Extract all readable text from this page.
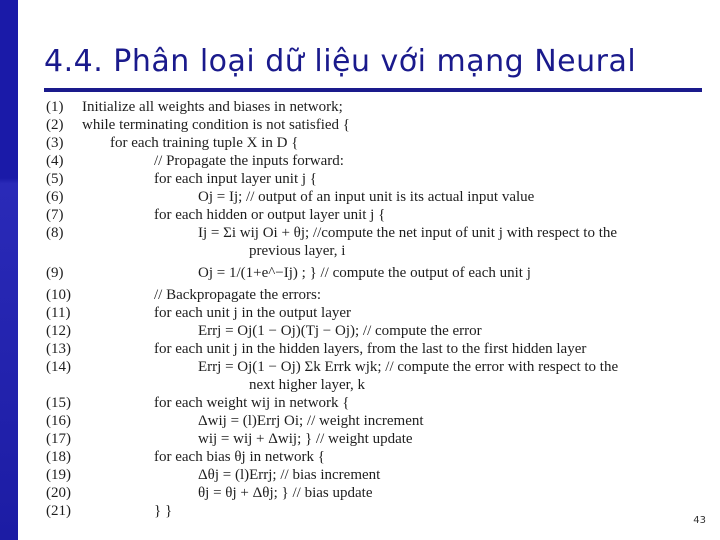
4.4. Phân loại dữ liệu với mạng Neural
(1)	Initialize all weights and biases in network;
(2)	while terminating condition is not satisfied {
(3)	for each training tuple X in D {
(4)	// Propagate the inputs forward:
(5)	for each input layer unit j {
(6)	Oj = Ij; // output of an input unit is its actual input value
(7)	for each hidden or output layer unit j {
(8)	Ij = Σi wij Oi + θj; //compute the net input of unit j with respect to the
previous layer, i
(9)	Oj = 1/(1+e^−Ij) ; } // compute the output of each unit j
(10)	// Backpropagate the errors:
(11)	for each unit j in the output layer
(12)	Errj = Oj(1 − Oj)(Tj − Oj); // compute the error
(13)	for each unit j in the hidden layers, from the last to the first hidden layer
(14)	Errj = Oj(1 − Oj) Σk Errk wjk; // compute the error with respect to the
next higher layer, k
(15)	for each weight wij in network {
(16)	Δwij = (l)Errj Oi; // weight increment
(17)	wij = wij + Δwij; } // weight update
(18)	for each bias θj in network {
(19)	Δθj = (l)Errj; // bias increment
(20)	θj = θj + Δθj; } // bias update
(21)	} }
43
